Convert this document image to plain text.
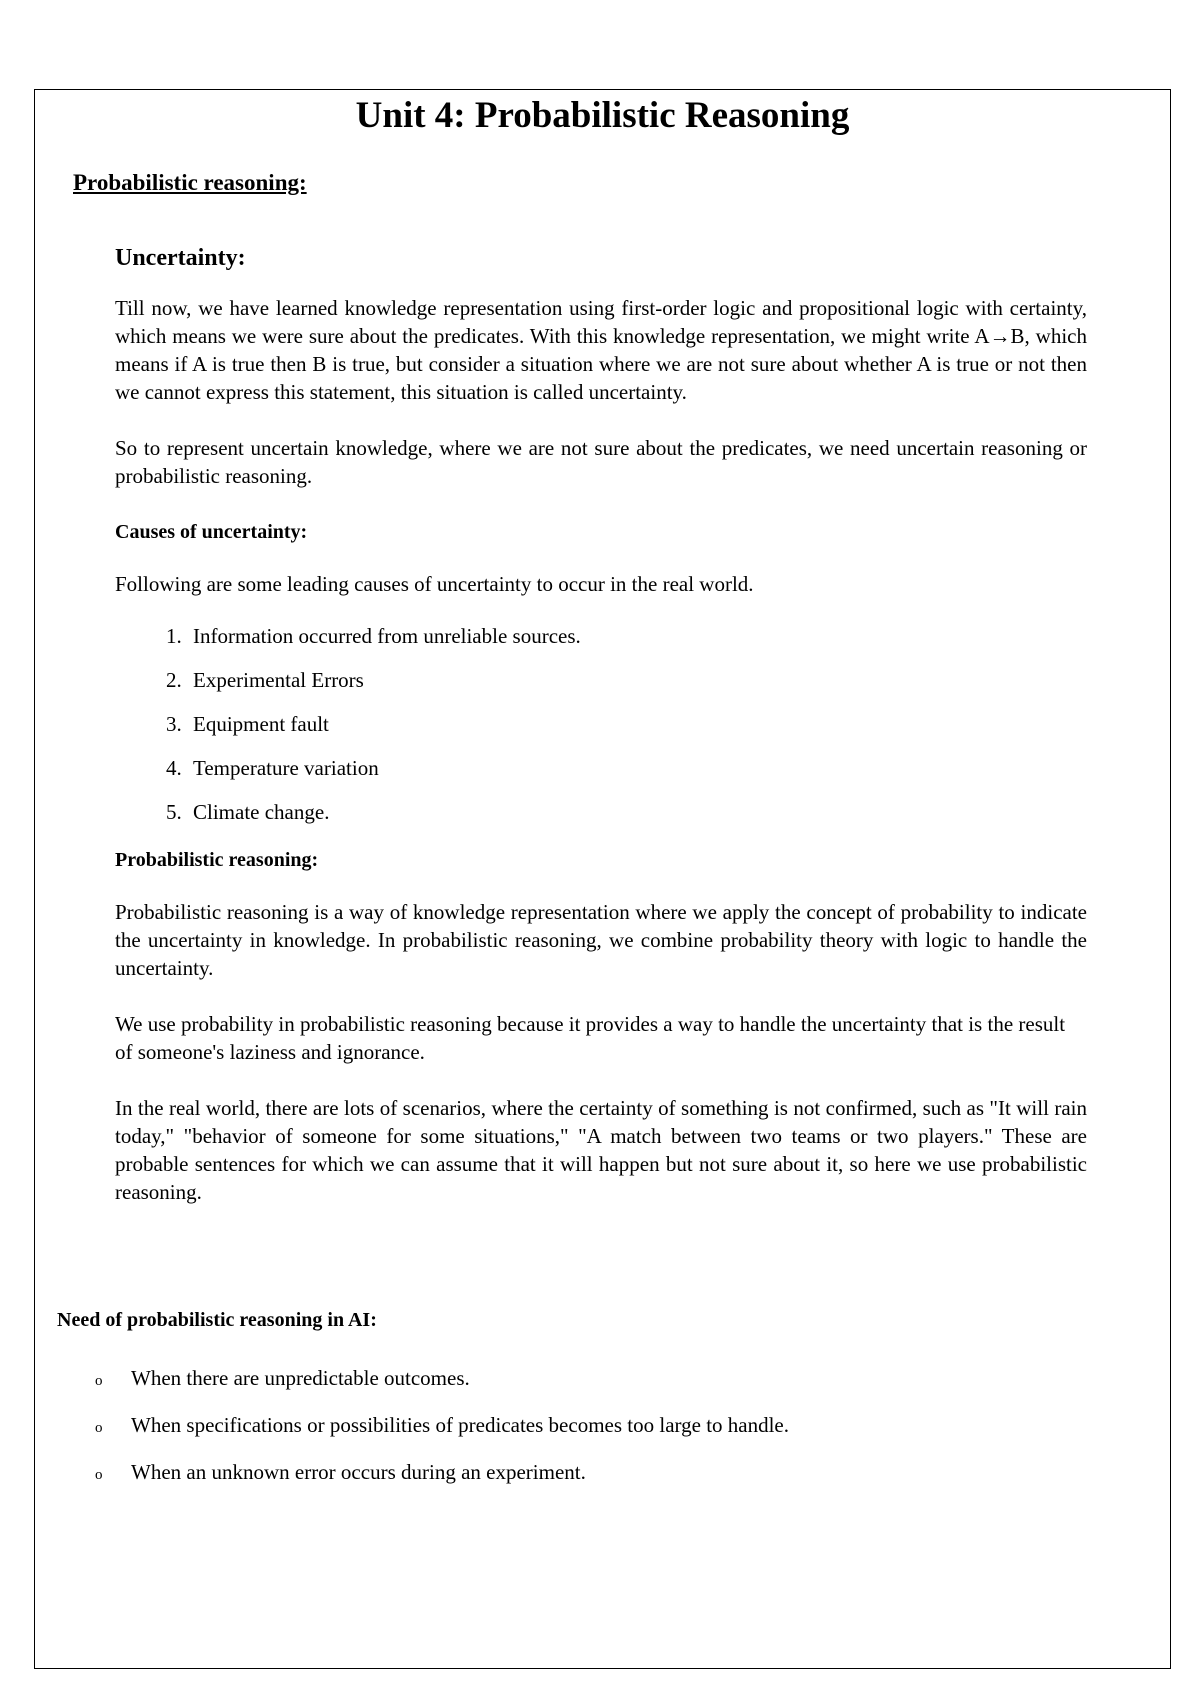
Unit 4: Probabilistic Reasoning
Probabilistic reasoning:
Uncertainty:

Till now, we have learned knowledge representation using first-order logic and propositional logic with certainty, which means we were sure about the predicates. With this knowledge representation, we might write A→B, which means if A is true then B is true, but consider a situation where we are not sure about whether A is true or not then we cannot express this statement, this situation is called uncertainty.

So to represent uncertain knowledge, where we are not sure about the predicates, we need uncertain reasoning or probabilistic reasoning.

Causes of uncertainty:

Following are some leading causes of uncertainty to occur in the real world.

1. Information occurred from unreliable sources.
2. Experimental Errors
3. Equipment fault
4. Temperature variation
5. Climate change.
Probabilistic reasoning:

Probabilistic reasoning is a way of knowledge representation where we apply the concept of probability to indicate the uncertainty in knowledge. In probabilistic reasoning, we combine probability theory with logic to handle the uncertainty.

We use probability in probabilistic reasoning because it provides a way to handle the uncertainty that is the result of someone's laziness and ignorance.

In the real world, there are lots of scenarios, where the certainty of something is not confirmed, such as "It will rain today," "behavior of someone for some situations," "A match between two teams or two players." These are probable sentences for which we can assume that it will happen but not sure about it, so here we use probabilistic reasoning.

Need of probabilistic reasoning in AI:
o	When there are unpredictable outcomes.
o	When specifications or possibilities of predicates becomes too large to handle.
o	When an unknown error occurs during an experiment.
